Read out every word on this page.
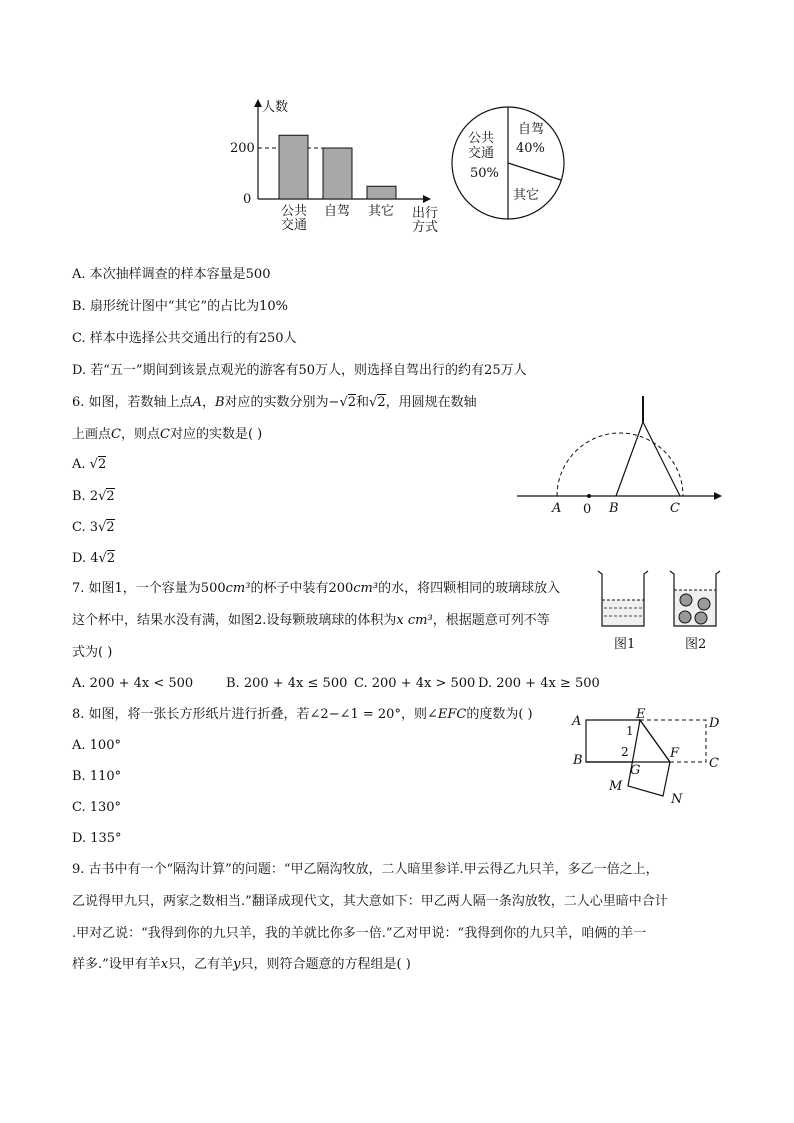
人数
200
0
公共
交通
自驾 其它 出行
方式
公共
交通
50%
自驾
40%
其它
A. 本次抽样调查的样本容量是500
B. 扇形统计图中“其它”的占比为10%
C. 样本中选择公共交通出行的有250人
D. 若“五一”期间到该景点观光的游客有50万人，则选择自驾出行的约有25万人
6. 如图，若数轴上点A，B对应的实数分别为−√2和√2，用圆规在数轴
上画点C，则点C对应的实数是( )
A. √2
B. 2√2
C. 3√2
D. 4√2
A 0 B	C
7. 如图1，一个容量为500cm³的杯子中装有200cm³的水，将四颗相同的玻璃球放入
这个杯中，结果水没有满，如图2.设每颗玻璃球的体积为x cm³，根据题意可列不等
式为( )
A. 200 + 4x < 500	B. 200 + 4x ≤ 500 C. 200 + 4x > 500 D. 200 + 4x ≥ 500
图1	图2
8. 如图，将一张长方形纸片进行折叠，若∠2−∠1 = 20°，则∠EFC的度数为( )
A. 100°
B. 110°
C. 130°
D. 135°
A	E
D
B	F
C
G
M
N
1
2
9. 古书中有一个“隔沟计算”的问题：“甲乙隔沟牧放，二人暗里参详.甲云得乙九只羊，多乙一倍之上，
乙说得甲九只，两家之数相当.”翻译成现代文，其大意如下：甲乙两人隔一条沟放牧，二人心里暗中合计
.甲对乙说：“我得到你的九只羊，我的羊就比你多一倍.”乙对甲说：“我得到你的九只羊，咱俩的羊一
样多.”设甲有羊x只，乙有羊y只，则符合题意的方程组是( )
